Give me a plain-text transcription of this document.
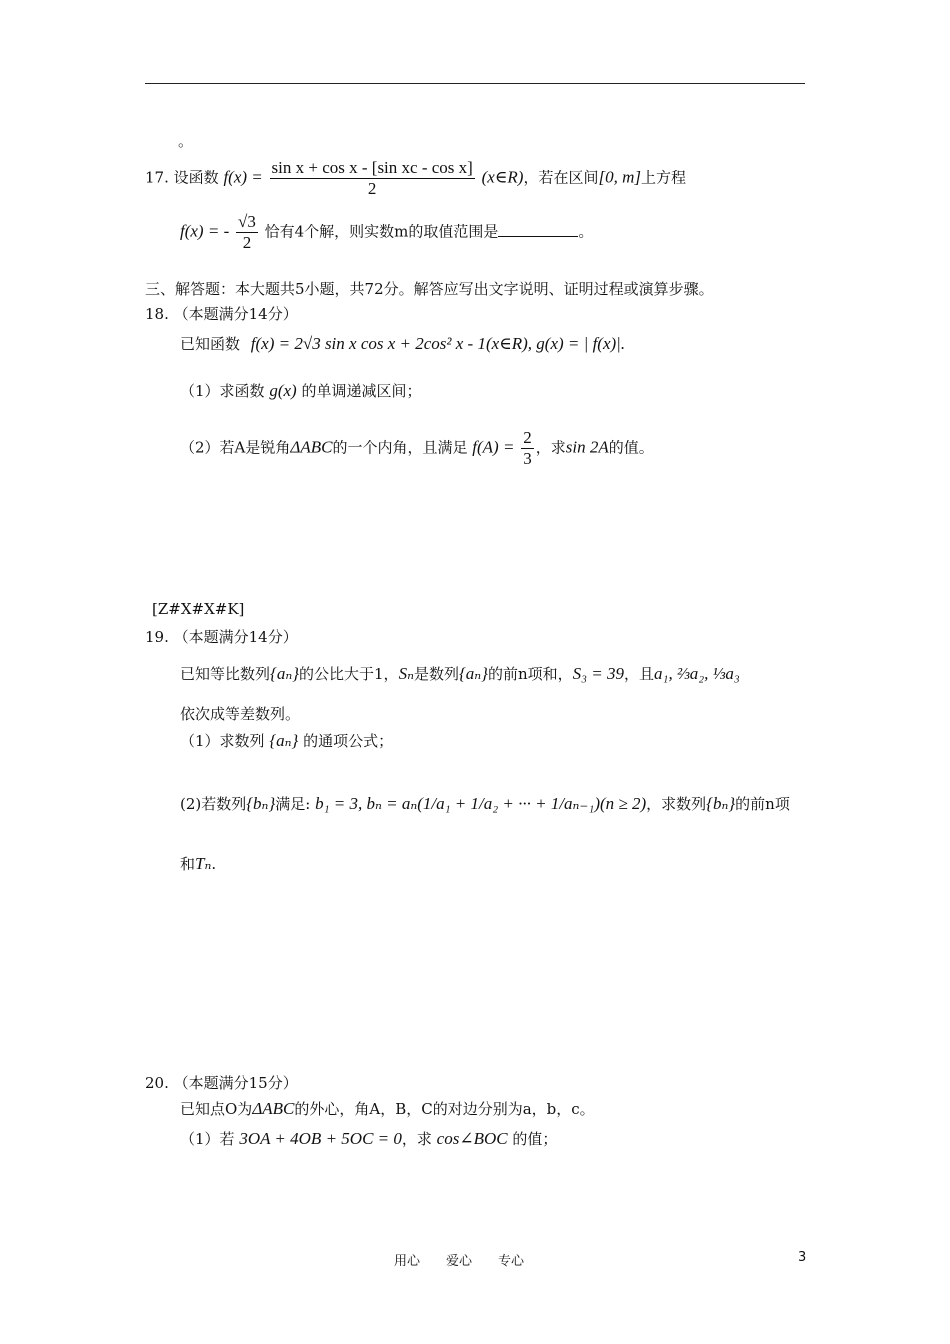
。
17. 设函数 $f(x) = \frac{\text{sin x + cos x - [sin xc - cos x]}}{2}$ (x∈R)，若在区间[0, m]上方程
f(x) = - $\frac{√3}{2}$ 恰有4个解，则实数m的取值范围是	。
三、解答题：本大题共5小题，共72分。解答应写出文字说明、证明过程或演算步骤。
18. （本题满分14分）
已知函数 f(x) = 2√3 sin x cos x + 2cos² x - 1(x∈R), g(x) = | f(x)|.
（1）求函数 g(x) 的单调递减区间；
（2）若A是锐角ΔABC的一个内角，且满足 $f(A) = \frac{2}{3}$ ，求sin 2A的值。
[Z#X#X#K]
19. （本题满分14分）
已知等比数列{aₙ}的公比大于1，Sₙ是数列{aₙ}的前n项和，S₃ = 39，且a₁, ⅔a₂, ⅓a₃
依次成等差数列。
（1）求数列 {aₙ} 的通项公式；
(2)若数列{bₙ}满足: b₁ = 3, bₙ = aₙ(1/a₁ + 1/a₂ + ··· + 1/aₙ₋₁)(n ≥ 2)，求数列{bₙ}的前n项
和Tₙ.
20. （本题满分15分）
已知点O为ΔABC的外心，角A，B，C的对边分别为a，b，c。
（1）若 3OA + 4OB + 5OC = 0，求 cos∠BOC 的值；
用心　　爱心　　专心	3
